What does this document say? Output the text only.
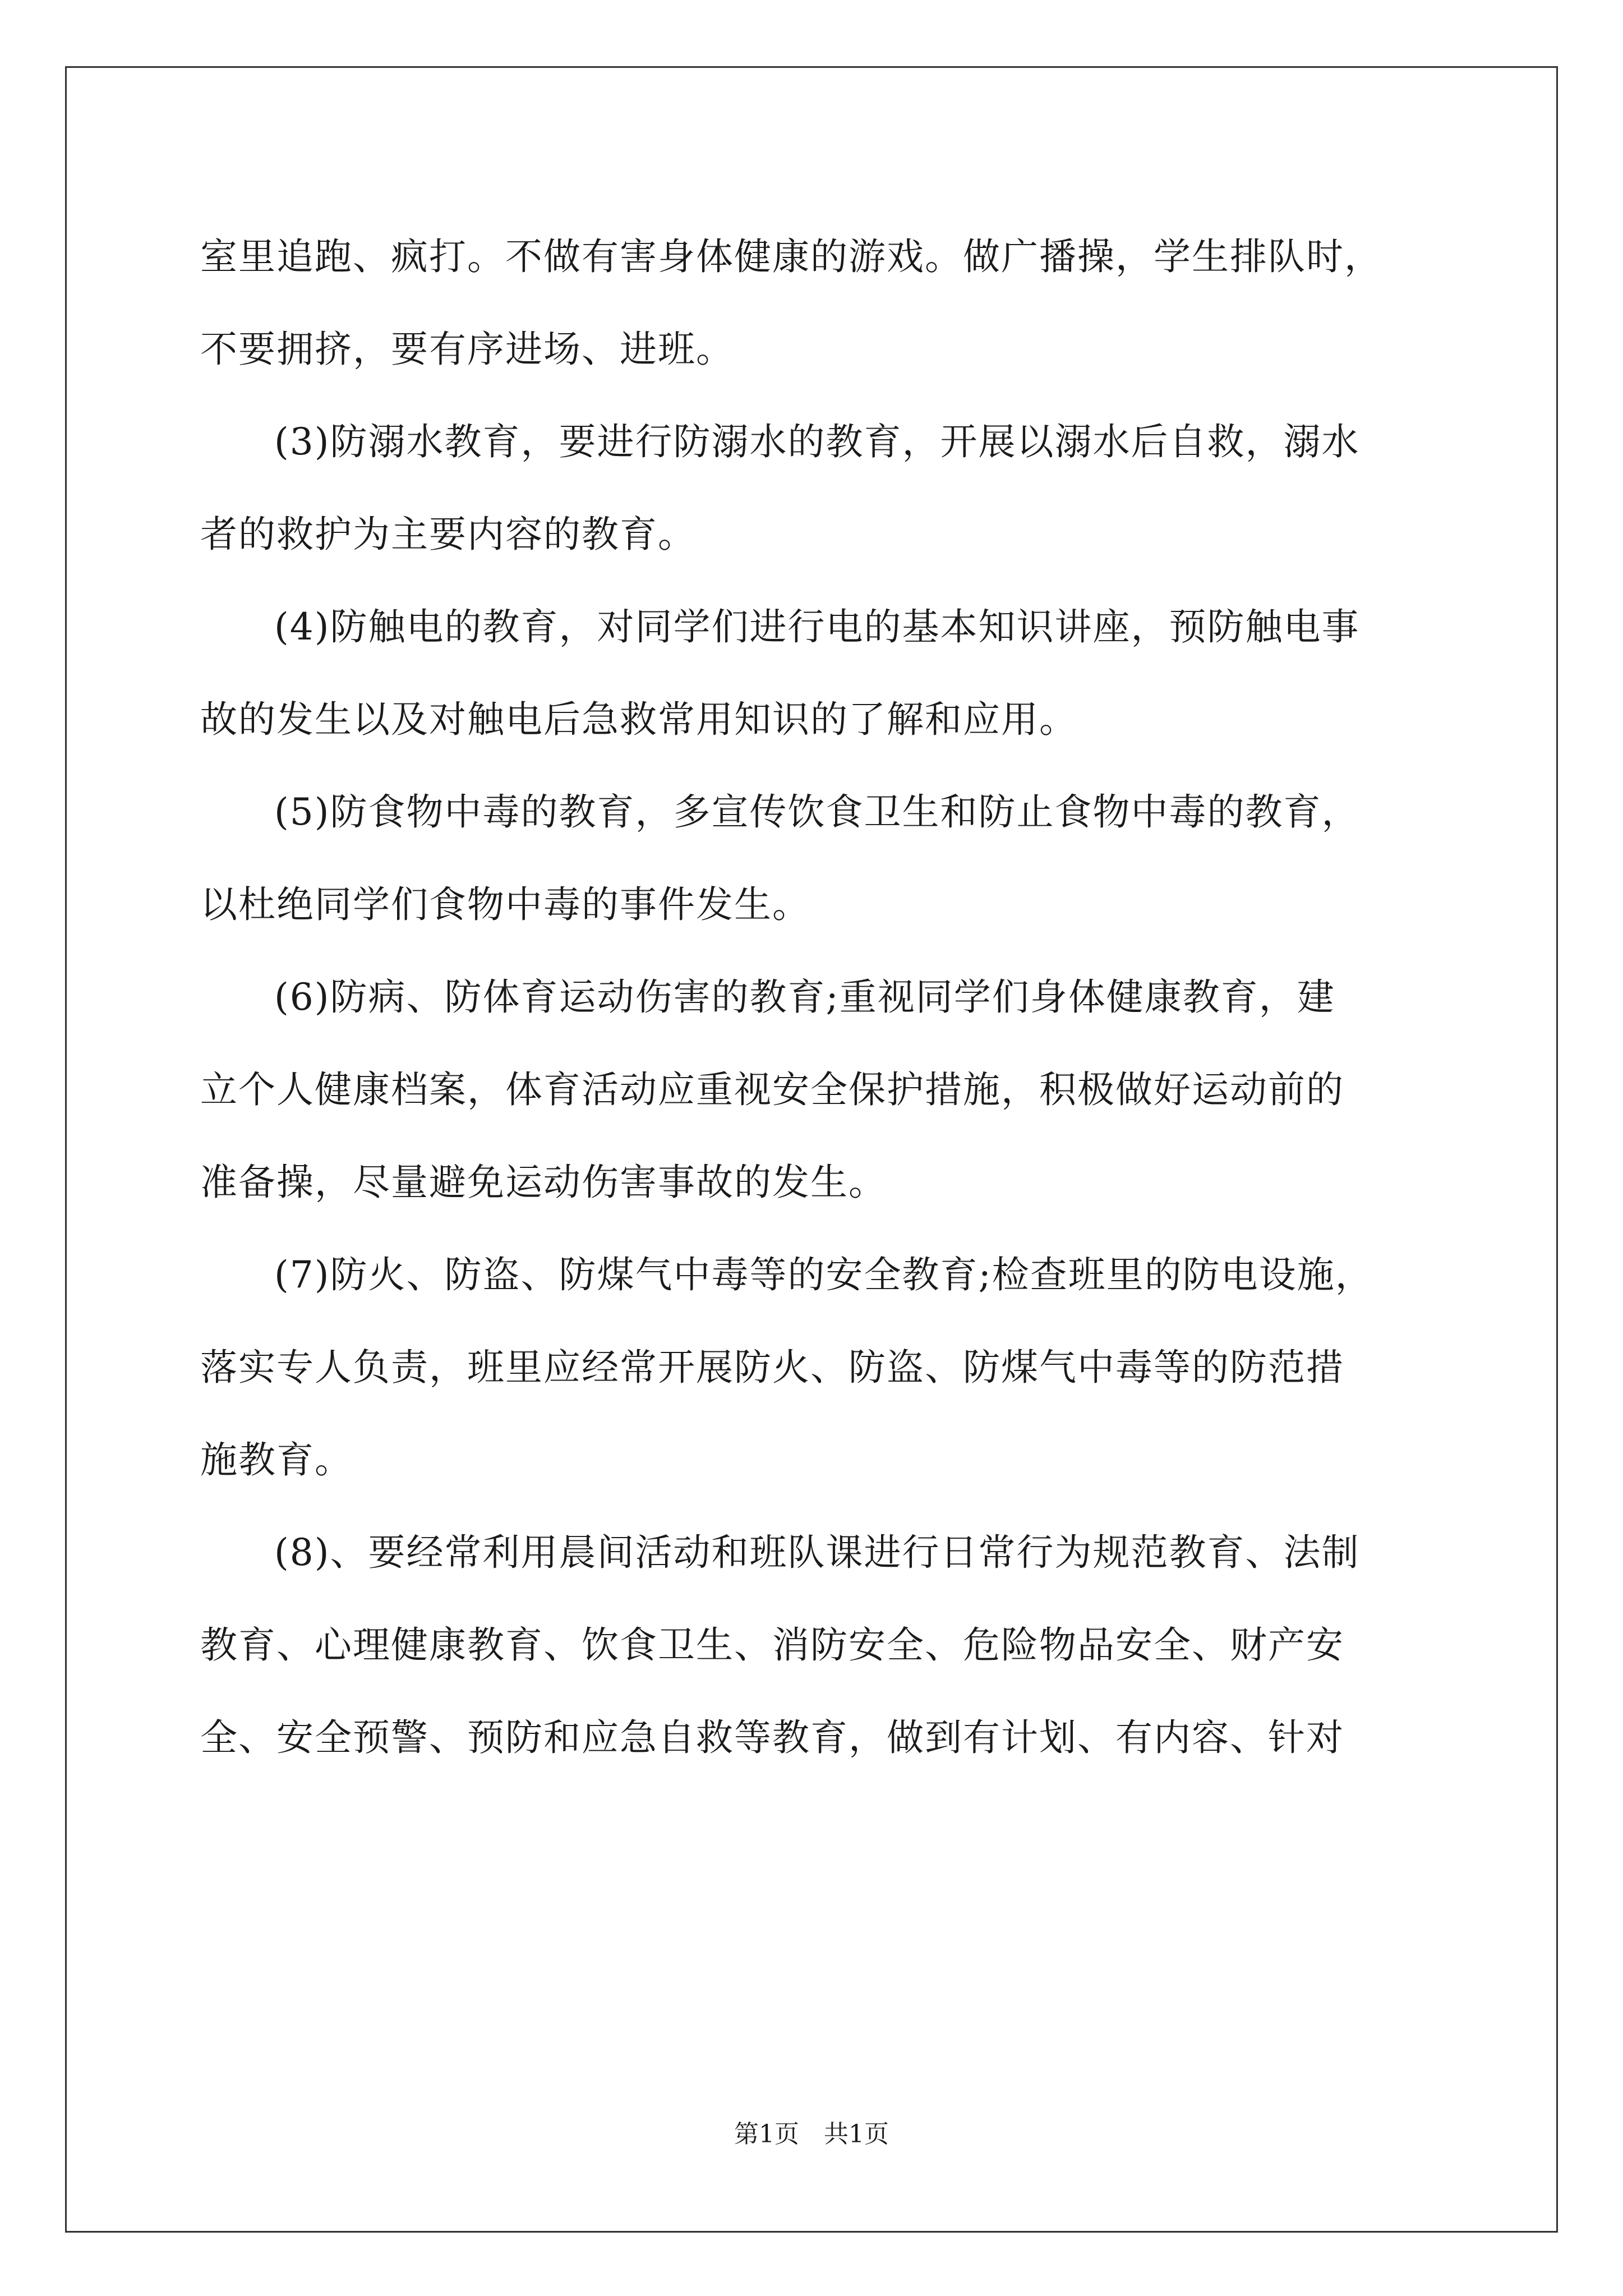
室里追跑、疯打。不做有害身体健康的游戏。做广播操，学生排队时，
不要拥挤，要有序进场、进班。
(3)防溺水教育，要进行防溺水的教育，开展以溺水后自救，溺水
者的救护为主要内容的教育。
(4)防触电的教育，对同学们进行电的基本知识讲座，预防触电事
故的发生以及对触电后急救常用知识的了解和应用。
(5)防食物中毒的教育，多宣传饮食卫生和防止食物中毒的教育，
以杜绝同学们食物中毒的事件发生。
(6)防病、防体育运动伤害的教育;重视同学们身体健康教育，建
立个人健康档案，体育活动应重视安全保护措施，积极做好运动前的
准备操，尽量避免运动伤害事故的发生。
(7)防火、防盗、防煤气中毒等的安全教育;检查班里的防电设施，
落实专人负责，班里应经常开展防火、防盗、防煤气中毒等的防范措
施教育。
(8)、要经常利用晨间活动和班队课进行日常行为规范教育、法制
教育、心理健康教育、饮食卫生、消防安全、危险物品安全、财产安
全、安全预警、预防和应急自救等教育，做到有计划、有内容、针对
第1页　共1页
